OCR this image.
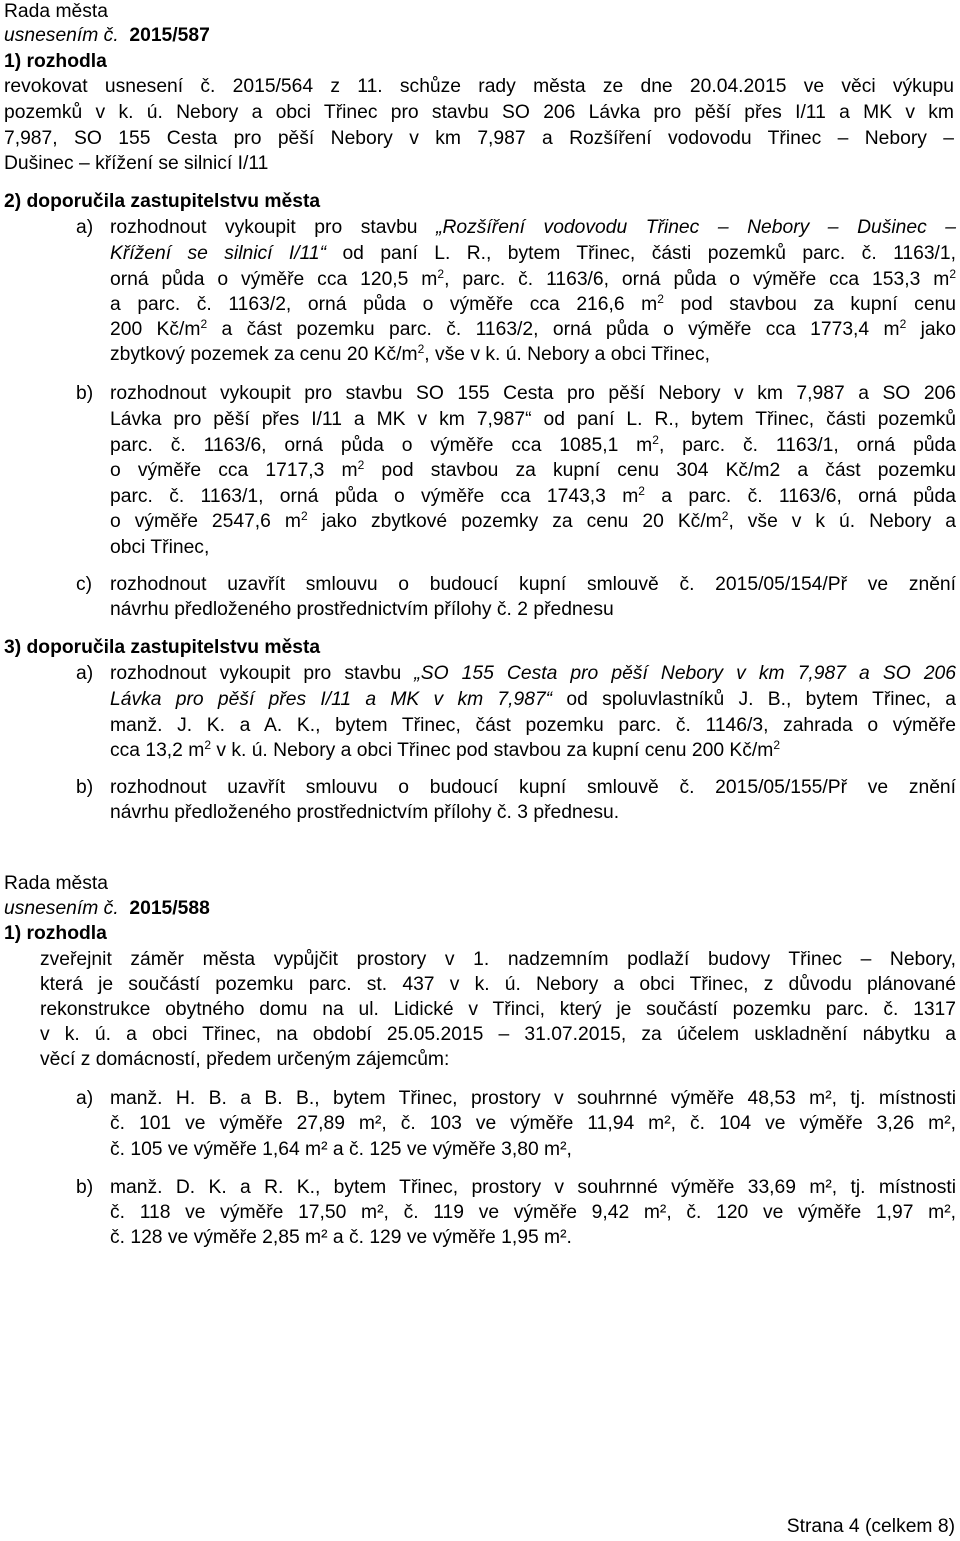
Rada města
usnesením č. 2015/587
1) rozhodla
revokovat usnesení č. 2015/564 z 11. schůze rady města ze dne 20.04.2015 ve věci výkupu
pozemků v k. ú. Nebory a obci Třinec pro stavbu SO 206 Lávka pro pěší přes I/11 a MK v km
7,987, SO 155 Cesta pro pěší Nebory v km 7,987 a Rozšíření vodovodu Třinec – Nebory –
Dušinec – křížení se silnicí I/11
2) doporučila zastupitelstvu města
a) rozhodnout vykoupit pro stavbu „Rozšíření vodovodu Třinec – Nebory – Dušinec –
Křížení se silnicí I/11“ od paní L. R., bytem Třinec, části pozemků parc. č. 1163/1,
orná půda o výměře cca 120,5 $m^2$, parc. č. 1163/6, orná půda o výměře cca 153,3 $m^2$
a parc. č. 1163/2, orná půda o výměře cca 216,6 $m^2$ pod stavbou za kupní cenu
200 $Kč/m^2$ a část pozemku parc. č. 1163/2, orná půda o výměře cca 1773,4 $m^2$ jako
zbytkový pozemek za cenu 20 $Kč/m^2$, vše v k. ú. Nebory a obci Třinec,
b) rozhodnout vykoupit pro stavbu SO 155 Cesta pro pěší Nebory v km 7,987 a SO 206
Lávka pro pěší přes I/11 a MK v km 7,987“ od paní L. R., bytem Třinec, části pozemků
parc. č. 1163/6, orná půda o výměře cca 1085,1 $m^2$, parc. č. 1163/1, orná půda
o výměře cca 1717,3 $m^2$ pod stavbou za kupní cenu 304 Kč/m2 a část pozemku
parc. č. 1163/1, orná půda o výměře cca 1743,3 $m^2$ a parc. č. 1163/6, orná půda
o výměře 2547,6 $m^2$ jako zbytkové pozemky za cenu 20 $Kč/m^2$, vše v k ú. Nebory a
obci Třinec,
c) rozhodnout uzavřít smlouvu o budoucí kupní smlouvě č. 2015/05/154/Př ve znění
návrhu předloženého prostřednictvím přílohy č. 2 přednesu
3) doporučila zastupitelstvu města
a) rozhodnout vykoupit pro stavbu „SO 155 Cesta pro pěší Nebory v km 7,987 a SO 206
Lávka pro pěší přes I/11 a MK v km 7,987“ od spoluvlastníků J. B., bytem Třinec, a
manž. J. K. a A. K., bytem Třinec, část pozemku parc. č. 1146/3, zahrada o výměře
cca 13,2 $m^2$ v k. ú. Nebory a obci Třinec pod stavbou za kupní cenu 200 $Kč/m^2$
b) rozhodnout uzavřít smlouvu o budoucí kupní smlouvě č. 2015/05/155/Př ve znění
návrhu předloženého prostřednictvím přílohy č. 3 přednesu.
Rada města
usnesením č. 2015/588
1) rozhodla
zveřejnit záměr města vypůjčit prostory v 1. nadzemním podlaží budovy Třinec – Nebory,
která je součástí pozemku parc. st. 437 v k. ú. Nebory a obci Třinec, z důvodu plánované
rekonstrukce obytného domu na ul. Lidické v Třinci, který je součástí pozemku parc. č. 1317
v k. ú. a obci Třinec, na období 25.05.2015 – 31.07.2015, za účelem uskladnění nábytku a
věcí z domácností, předem určeným zájemcům:
a) manž. H. B. a B. B., bytem Třinec, prostory v souhrnné výměře 48,53 m², tj. místnosti
č. 101 ve výměře 27,89 m², č. 103 ve výměře 11,94 m², č. 104 ve výměře 3,26 m²,
č. 105 ve výměře 1,64 m² a č. 125 ve výměře 3,80 m²,
b) manž. D. K. a R. K., bytem Třinec, prostory v souhrnné výměře 33,69 m², tj. místnosti
č. 118 ve výměře 17,50 m², č. 119 ve výměře 9,42 m², č. 120 ve výměře 1,97 m²,
č. 128 ve výměře 2,85 m² a č. 129 ve výměře 1,95 m².
Strana 4 (celkem 8)
